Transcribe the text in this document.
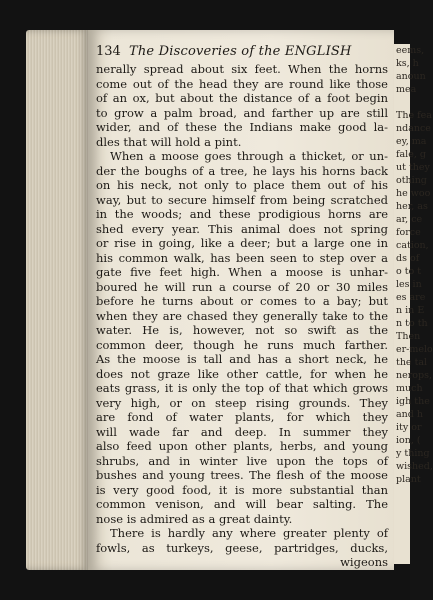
eems,
ks, h
anoun
mea

The fea
ndance
ey, ma
fale, g
ut they
othing
he woo
her, as
ar, ce
force
cation,
ds of
o to t
les in
es are
n in E
n to th
Then
er-melo
the tal
nerops,
much
igh the
and h
ity or
ion, (
y thing
wished,
plant
134 The Discoveries of the ENGLISH
nerally spread about six feet. When the horns
come out of the head they are round like those
of an ox, but about the distance of a foot begin
to grow a palm broad, and farther up are still
wider, and of these the Indians make good la-
dles that will hold a pint.
When a moose goes through a thicket, or un-
der the boughs of a tree, he lays his horns back
on his neck, not only to place them out of his
way, but to secure himself from being scratched
in the woods; and these prodigious horns are
shed every year. This animal does not spring
or rise in going, like a deer; but a large one in
his common walk, has been seen to step over a
gate five feet high. When a moose is unhar-
boured he will run a course of 20 or 30 miles
before he turns about or comes to a bay; but
when they are chased they generally take to the
water. He is, however, not so swift as the
common deer, though he runs much farther.
As the moose is tall and has a short neck, he
does not graze like other cattle, for when he
eats grass, it is only the top of that which grows
very high, or on steep rising grounds. They
are fond of water plants, for which they
will wade far and deep. In summer they
also feed upon other plants, herbs, and young
shrubs, and in winter live upon the tops of
bushes and young trees. The flesh of the moose
is very good food, it is more substantial than
common venison, and will bear salting. The
nose is admired as a great dainty.
There is hardly any where greater plenty of
fowls, as turkeys, geese, partridges, ducks,
wigeons
